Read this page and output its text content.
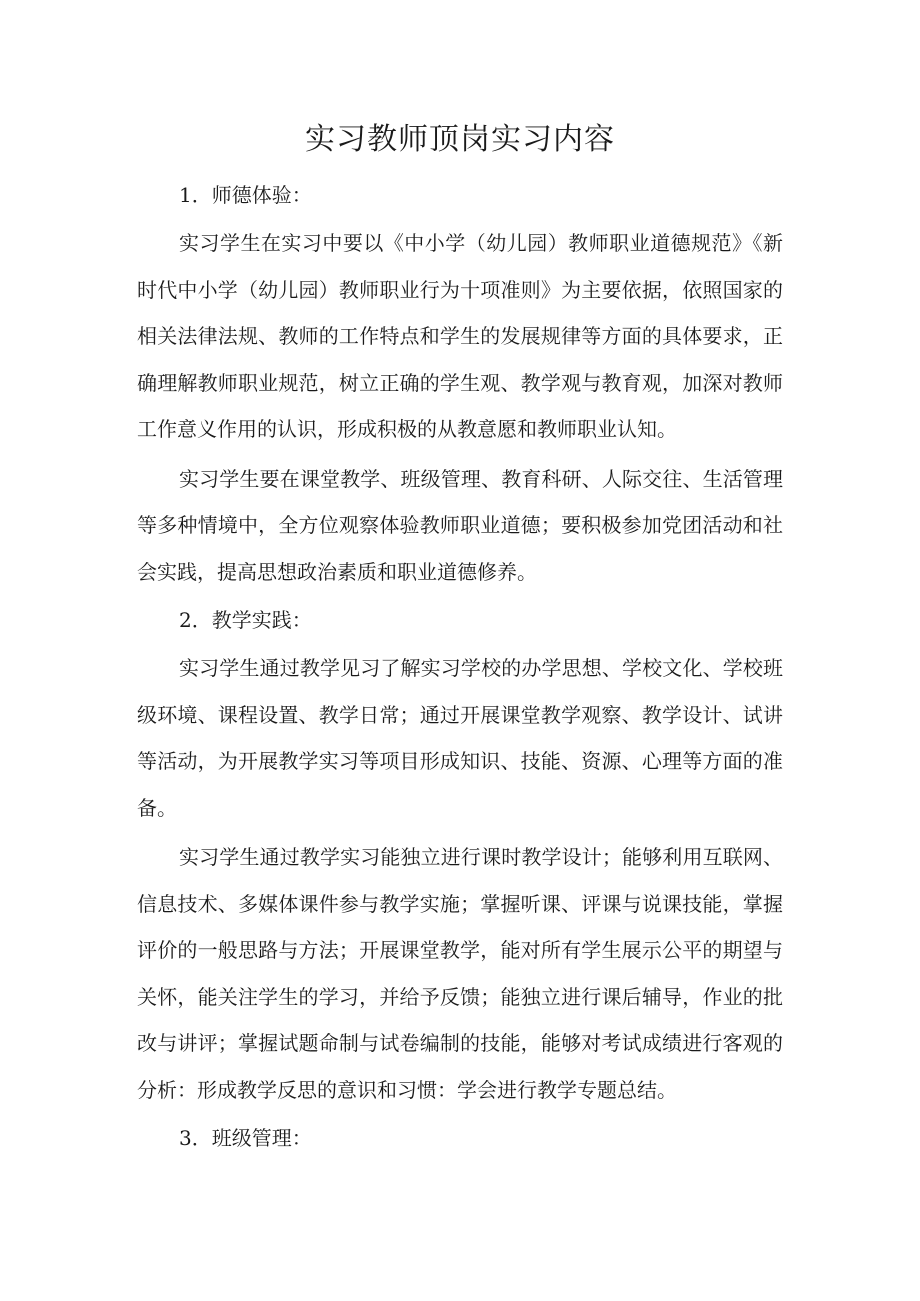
实习教师顶岗实习内容

1．师德体验：

实习学生在实习中要以《中小学（幼儿园）教师职业道德规范》《新时代中小学（幼儿园）教师职业行为十项准则》为主要依据，依照国家的相关法律法规、教师的工作特点和学生的发展规律等方面的具体要求，正确理解教师职业规范，树立正确的学生观、教学观与教育观，加深对教师工作意义作用的认识，形成积极的从教意愿和教师职业认知。

实习学生要在课堂教学、班级管理、教育科研、人际交往、生活管理等多种情境中，全方位观察体验教师职业道德；要积极参加党团活动和社会实践，提高思想政治素质和职业道德修养。

2．教学实践：

实习学生通过教学见习了解实习学校的办学思想、学校文化、学校班级环境、课程设置、教学日常；通过开展课堂教学观察、教学设计、试讲等活动，为开展教学实习等项目形成知识、技能、资源、心理等方面的准备。

实习学生通过教学实习能独立进行课时教学设计；能够利用互联网、信息技术、多媒体课件参与教学实施；掌握听课、评课与说课技能，掌握评价的一般思路与方法；开展课堂教学，能对所有学生展示公平的期望与关怀，能关注学生的学习，并给予反馈；能独立进行课后辅导，作业的批改与讲评；掌握试题命制与试卷编制的技能，能够对考试成绩进行客观的分析：形成教学反思的意识和习惯：学会进行教学专题总结。

3．班级管理：
